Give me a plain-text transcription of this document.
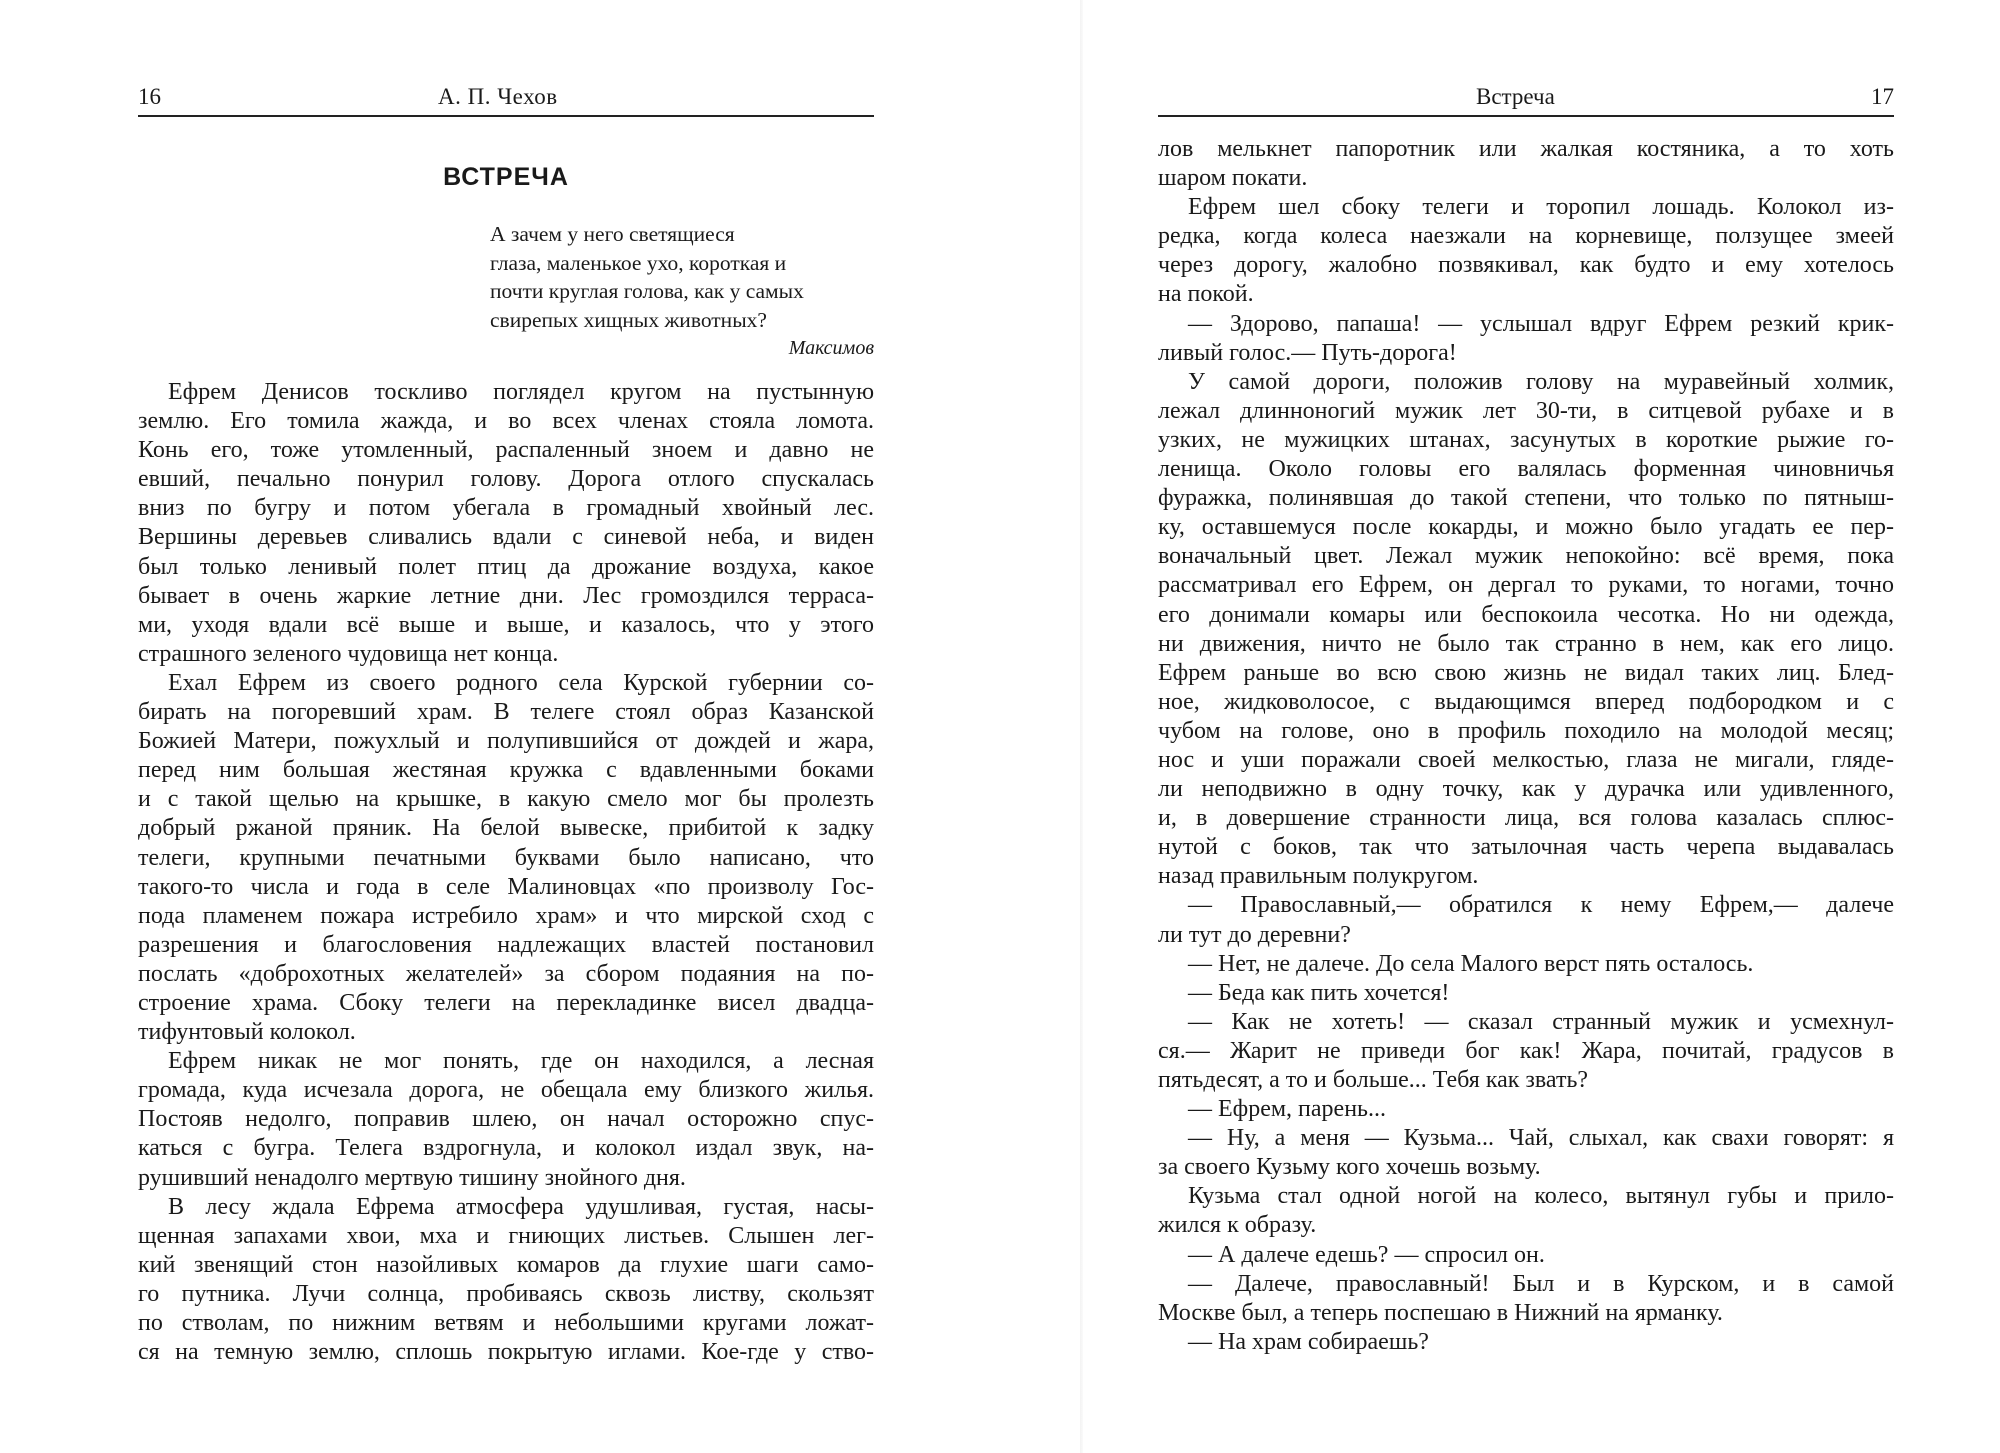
16	А. П. Чехов
ВСТРЕЧА
А зачем у него светящиеся
глаза, маленькое ухо, короткая и
почти круглая голова, как у самых
свирепых хищных животных?
Максимов
Ефрем Денисов тоскливо поглядел кругом на пустынную
землю. Его томила жажда, и во всех членах стояла ломота.
Конь его, тоже утомленный, распаленный зноем и давно не
евший, печально понурил голову. Дорога отлого спускалась
вниз по бугру и потом убегала в громадный хвойный лес.
Вершины деревьев сливались вдали с синевой неба, и виден
был только ленивый полет птиц да дрожание воздуха, какое
бывает в очень жаркие летние дни. Лес громоздился терраса-
ми, уходя вдали всё выше и выше, и казалось, что у этого
страшного зеленого чудовища нет конца.
Ехал Ефрем из своего родного села Курской губернии со-
бирать на погоревший храм. В телеге стоял образ Казанской
Божией Матери, пожухлый и полупившийся от дождей и жара,
перед ним большая жестяная кружка с вдавленными боками
и с такой щелью на крышке, в какую смело мог бы пролезть
добрый ржаной пряник. На белой вывеске, прибитой к задку
телеги, крупными печатными буквами было написано, что
такого-то числа и года в селе Малиновцах «по произволу Гос-
пода пламенем пожара истребило храм» и что мирской сход с
разрешения и благословения надлежащих властей постановил
послать «доброхотных желателей» за сбором подаяния на по-
строение храма. Сбоку телеги на перекладинке висел двадца-
тифунтовый колокол.
Ефрем никак не мог понять, где он находился, а лесная
громада, куда исчезала дорога, не обещала ему близкого жилья.
Постояв недолго, поправив шлею, он начал осторожно спус-
каться с бугра. Телега вздрогнула, и колокол издал звук, на-
рушивший ненадолго мертвую тишину знойного дня.
В лесу ждала Ефрема атмосфера удушливая, густая, насы-
щенная запахами хвои, мха и гниющих листьев. Слышен лег-
кий звенящий стон назойливых комаров да глухие шаги само-
го путника. Лучи солнца, пробиваясь сквозь листву, скользят
по стволам, по нижним ветвям и небольшими кругами ложат-
ся на темную землю, сплошь покрытую иглами. Кое-где у ство-
Встреча	17
лов мелькнет папоротник или жалкая костяника, а то хоть
шаром покати.
Ефрем шел сбоку телеги и торопил лошадь. Колокол из-
редка, когда колеса наезжали на корневище, ползущее змеей
через дорогу, жалобно позвякивал, как будто и ему хотелось
на покой.
— Здорово, папаша! — услышал вдруг Ефрем резкий крик-
ливый голос.— Путь-дорога!
У самой дороги, положив голову на муравейный холмик,
лежал длинноногий мужик лет 30-ти, в ситцевой рубахе и в
узких, не мужицких штанах, засунутых в короткие рыжие го-
ленища. Около головы его валялась форменная чиновничья
фуражка, полинявшая до такой степени, что только по пятныш-
ку, оставшемуся после кокарды, и можно было угадать ее пер-
воначальный цвет. Лежал мужик непокойно: всё время, пока
рассматривал его Ефрем, он дергал то руками, то ногами, точно
его донимали комары или беспокоила чесотка. Но ни одежда,
ни движения, ничто не было так странно в нем, как его лицо.
Ефрем раньше во всю свою жизнь не видал таких лиц. Блед-
ное, жидковолосое, с выдающимся вперед подбородком и с
чубом на голове, оно в профиль походило на молодой месяц;
нос и уши поражали своей мелкостью, глаза не мигали, гляде-
ли неподвижно в одну точку, как у дурачка или удивленного,
и, в довершение странности лица, вся голова казалась сплюс-
нутой с боков, так что затылочная часть черепа выдавалась
назад правильным полукругом.
— Православный,— обратился к нему Ефрем,— далече
ли тут до деревни?
— Нет, не далече. До села Малого верст пять осталось.
— Беда как пить хочется!
— Как не хотеть! — сказал странный мужик и усмехнул-
ся.— Жарит не приведи бог как! Жара, почитай, градусов в
пятьдесят, а то и больше... Тебя как звать?
— Ефрем, парень...
— Ну, а меня — Кузьма... Чай, слыхал, как свахи говорят: я
за своего Кузьму кого хочешь возьму.
Кузьма стал одной ногой на колесо, вытянул губы и прило-
жился к образу.
— А далече едешь? — спросил он.
— Далече, православный! Был и в Курском, и в самой
Москве был, а теперь поспешаю в Нижний на ярманку.
— На храм собираешь?
